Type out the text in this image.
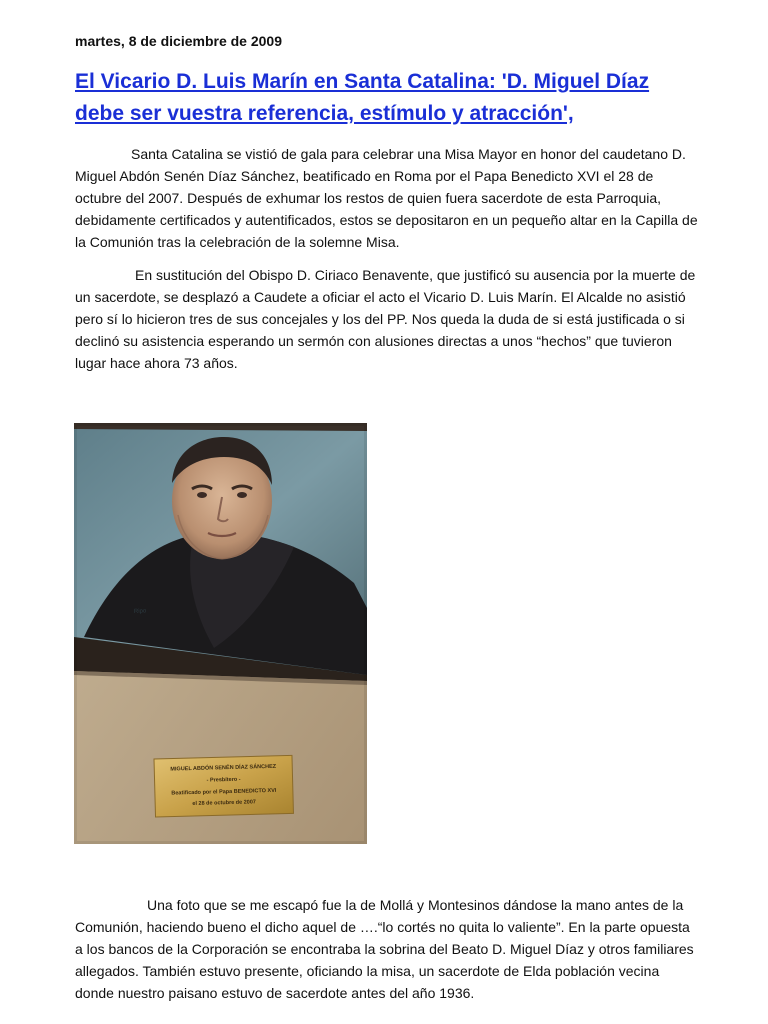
martes, 8 de diciembre de 2009
El Vicario D. Luis Marín en Santa Catalina: 'D. Miguel Díaz debe ser vuestra referencia, estímulo y atracción',
Santa Catalina se vistió de gala para celebrar una Misa Mayor en honor del caudetano D. Miguel Abdón Senén Díaz Sánchez, beatificado en Roma por el Papa Benedicto XVI el 28 de octubre del 2007. Después de exhumar los restos de quien fuera sacerdote de esta Parroquia, debidamente certificados y autentificados, estos se depositaron en un pequeño altar en la Capilla de la Comunión tras la celebración de la solemne Misa.
En sustitución del Obispo D. Ciriaco Benavente, que justificó su ausencia por la muerte de un sacerdote, se desplazó a Caudete a oficiar el acto el Vicario D. Luis Marín. El Alcalde no asistió pero sí lo hicieron tres de sus concejales y los del PP. Nos queda la duda de si está justificada o si declinó su asistencia esperando un sermón con alusiones directas a unos “hechos” que tuvieron lugar hace ahora 73 años.
Ripo
MIGUEL ABDÓN SENÉN DÍAZ SÁNCHEZ
- Presbítero -
Beatificado por el Papa BENEDICTO XVI
el 28 de octubre de 2007
Una foto que se me escapó fue la de Mollá y Montesinos dándose la mano antes de la Comunión, haciendo bueno el dicho aquel de ….“lo cortés no quita lo valiente”. En la parte opuesta a los bancos de la Corporación se encontraba la sobrina del Beato D. Miguel Díaz y otros familiares allegados. También estuvo presente, oficiando la misa, un sacerdote de Elda población vecina donde nuestro paisano estuvo de sacerdote antes del año 1936.
